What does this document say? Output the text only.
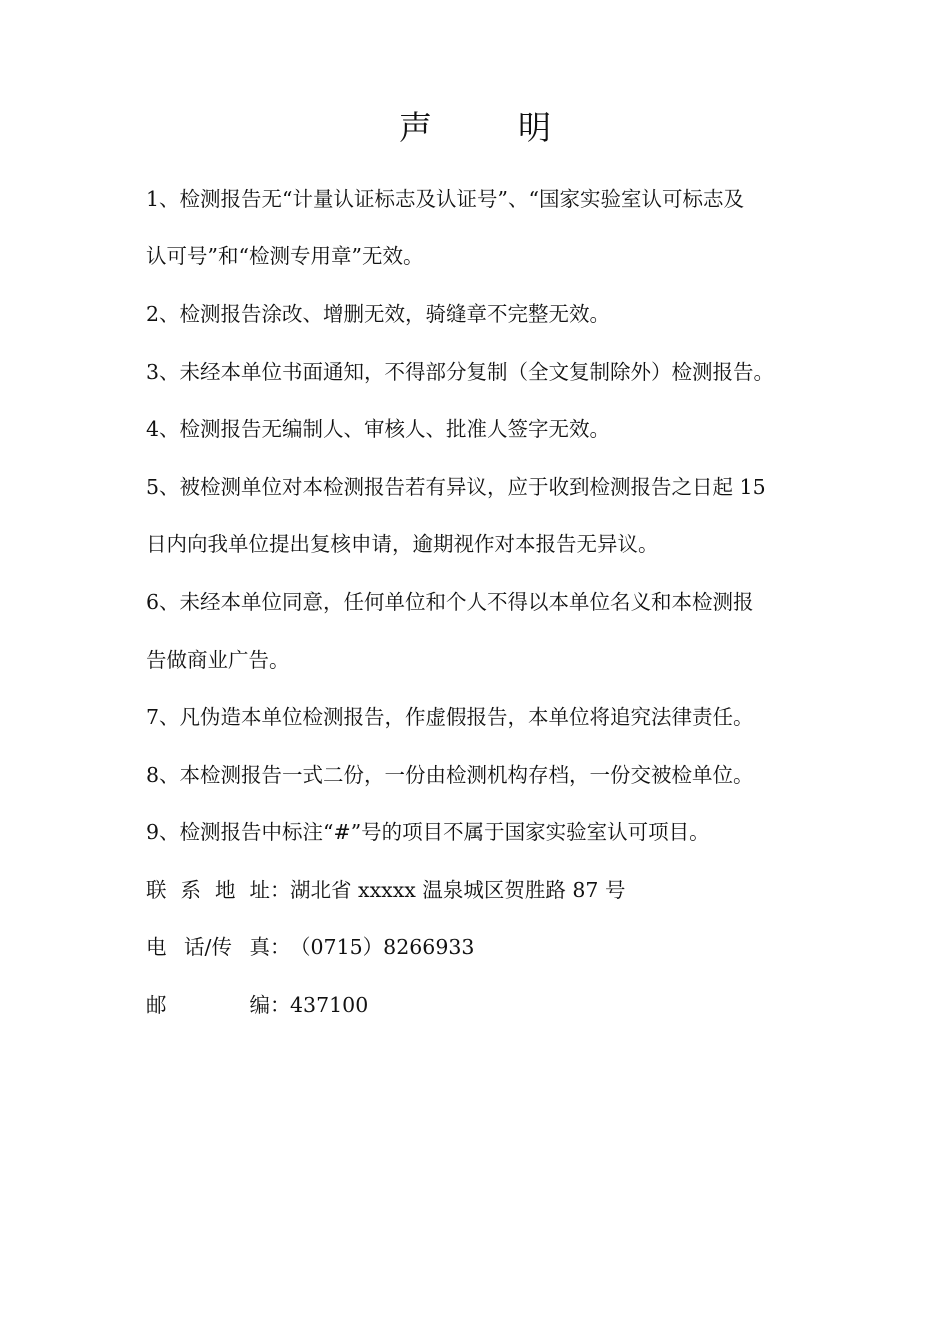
声	明
1、检测报告无“计量认证标志及认证号”、“国家实验室认可标志及
认可号”和“检测专用章”无效。
2、检测报告涂改、增删无效，骑缝章不完整无效。
3、未经本单位书面通知，不得部分复制（全文复制除外）检测报告。
4、检测报告无编制人、审核人、批准人签字无效。
5、被检测单位对本检测报告若有异议，应于收到检测报告之日起 15
日内向我单位提出复核申请，逾期视作对本报告无异议。
6、未经本单位同意，任何单位和个人不得以本单位名义和本检测报
告做商业广告。
7、凡伪造本单位检测报告，作虚假报告，本单位将追究法律责任。
8、本检测报告一式二份，一份由检测机构存档，一份交被检单位。
9、检测报告中标注“#”号的项目不属于国家实验室认可项目。
联 系 地 址 ：湖北省 xxxxx 温泉城区贺胜路 87 号
电 话/传 真 ：（0715）8266933
邮	编 ：437100
